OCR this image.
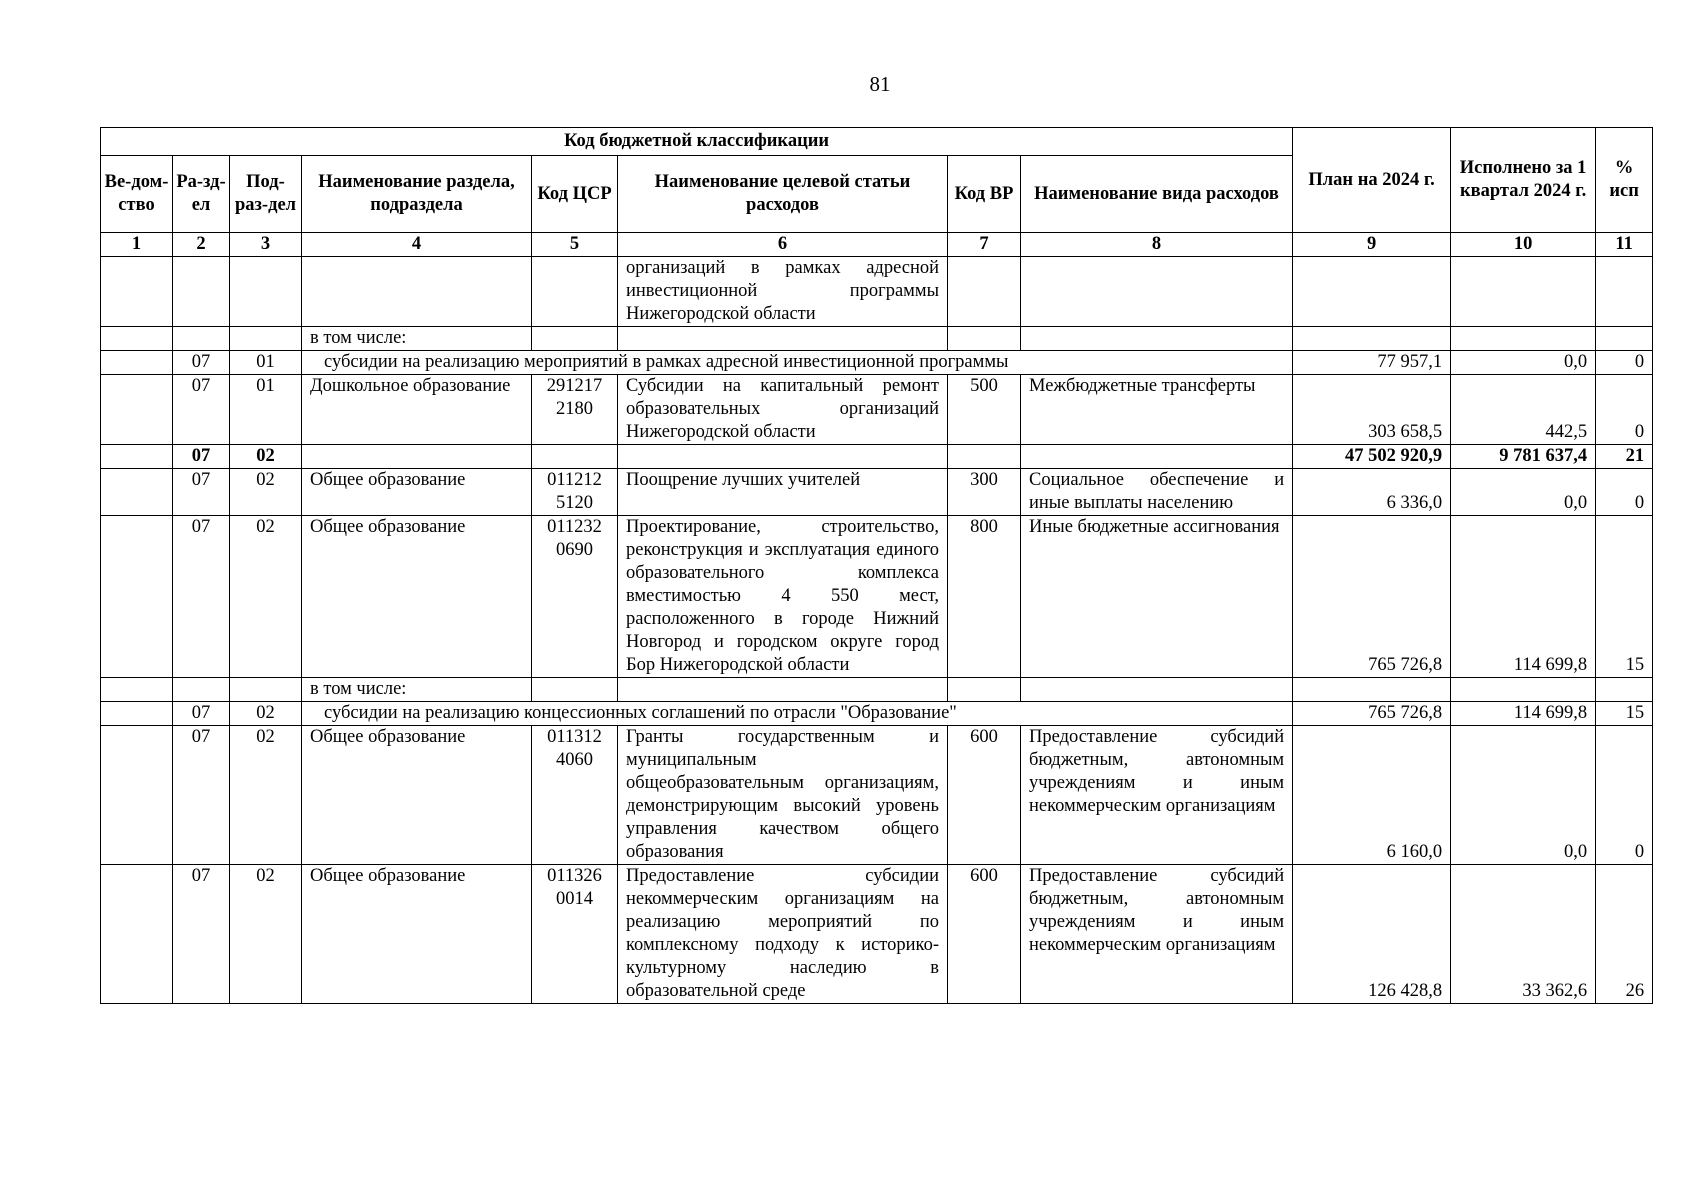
81
Код бюджетной классификации								План на 2024 г.	Исполнено за 1 квартал 2024 г.	% исп
Ве-дом-ство	Ра-зд-ел	Под-раз-дел	Наименование раздела, подраздела	Код ЦСР	Наименование целевой статьи расходов	Код ВР	Наименование вида расходов			
1	2	3	4	5	6	7	8	9	10	11
					организаций в рамках адресной инвестиционной программы Нижегородской области					
			в том числе:							
	07	01	субсидии на реализацию мероприятий в рамках адресной инвестиционной программы					77 957,1	0,0	0
	07	01	Дошкольное образование	291217 2180	Субсидии на капитальный ремонт образовательных организаций Нижегородской области	500	Межбюджетные трансферты	303 658,5	442,5	0
	07	02						47 502 920,9	9 781 637,4	21
	07	02	Общее образование	011212 5120	Поощрение лучших учителей	300	Социальное обеспечение и иные выплаты населению	6 336,0	0,0	0
	07	02	Общее образование	011232 0690	Проектирование, строительство, реконструкция и эксплуатация единого образовательного комплекса вместимостью 4 550 мест, расположенного в городе Нижний Новгород и городском округе город Бор Нижегородской области	800	Иные бюджетные ассигнования	765 726,8	114 699,8	15
			в том числе:							
	07	02	субсидии на реализацию концессионных соглашений по отрасли "Образование"					765 726,8	114 699,8	15
	07	02	Общее образование	011312 4060	Гранты государственным и муниципальным общеобразовательным организациям, демонстрирующим высокий уровень управления качеством общего образования	600	Предоставление субсидий бюджетным, автономным учреждениям и иным некоммерческим организациям	6 160,0	0,0	0
	07	02	Общее образование	011326 0014	Предоставление субсидии некоммерческим организациям на реализацию мероприятий по комплексному подходу к историко-культурному наследию в образовательной среде	600	Предоставление субсидий бюджетным, автономным учреждениям и иным некоммерческим организациям	126 428,8	33 362,6	26
